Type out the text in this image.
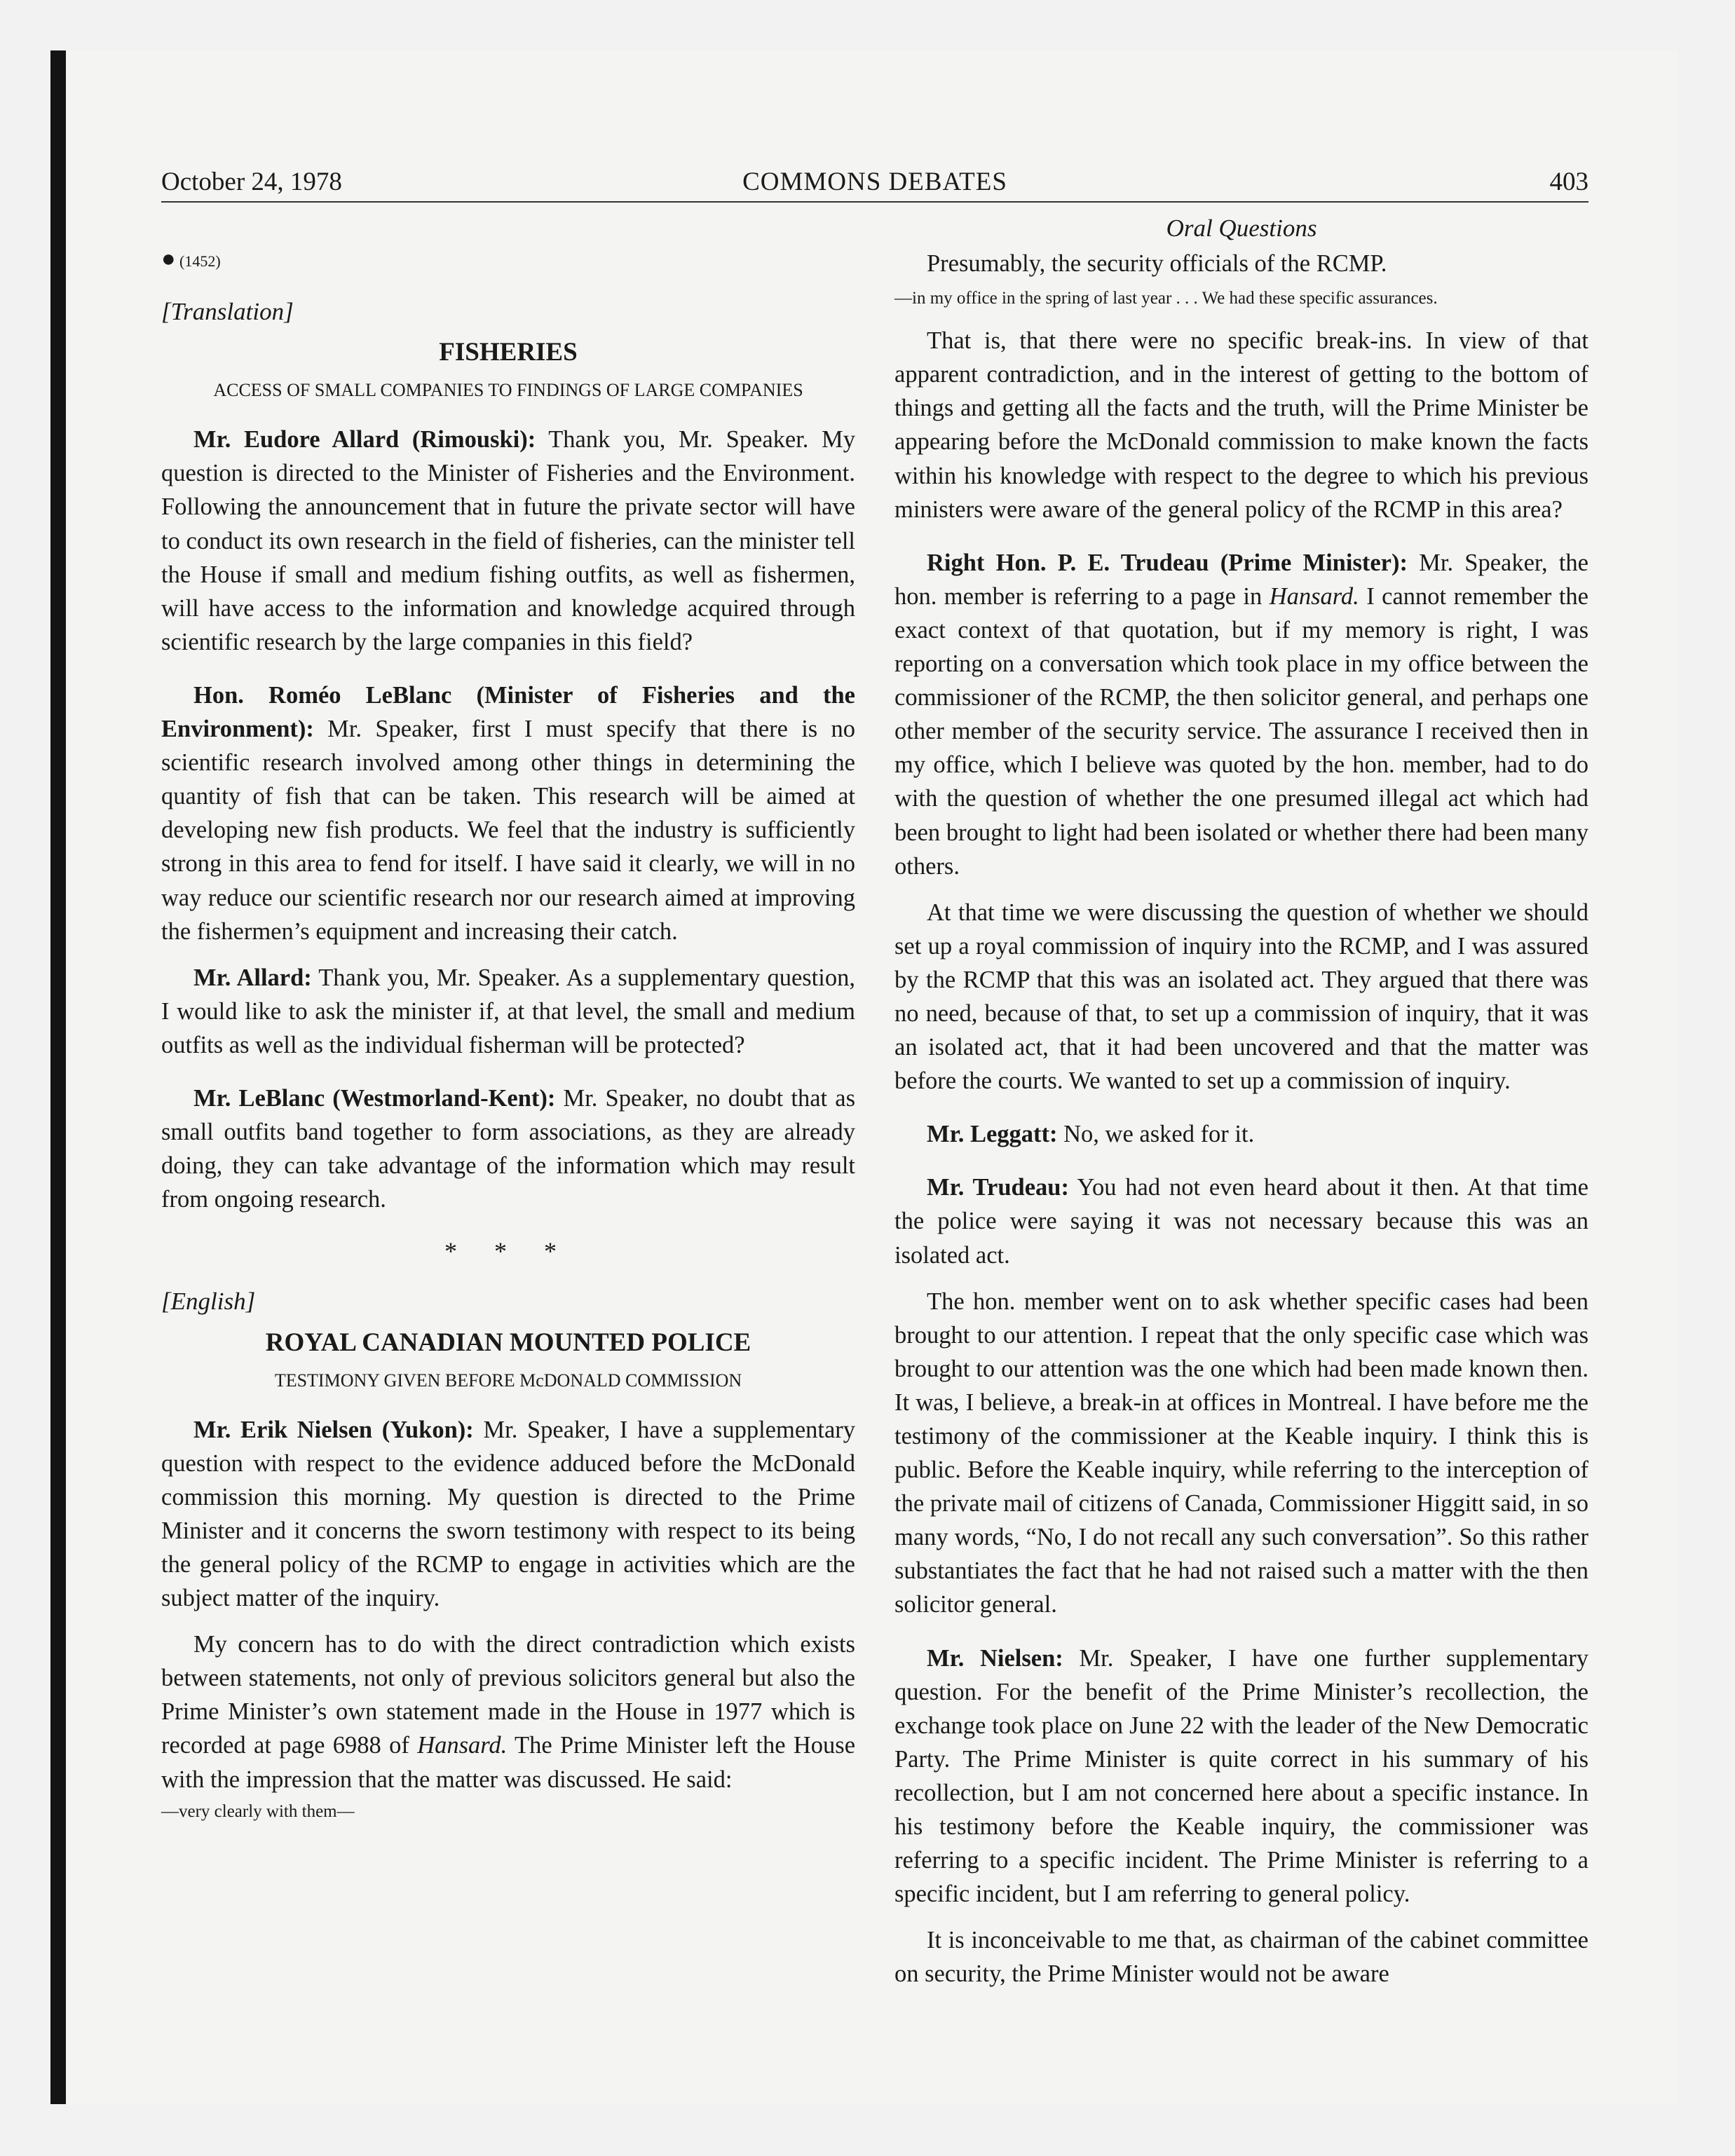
October 24, 1978	COMMONS DEBATES	403
● (1452)
[Translation]
FISHERIES
ACCESS OF SMALL COMPANIES TO FINDINGS OF LARGE COMPANIES

Mr. Eudore Allard (Rimouski): Thank you, Mr. Speaker. My question is directed to the Minister of Fisheries and the Environment. Following the announcement that in future the private sector will have to conduct its own research in the field of fisheries, can the minister tell the House if small and medium fishing outfits, as well as fishermen, will have access to the information and knowledge acquired through scientific research by the large companies in this field?

Hon. Roméo LeBlanc (Minister of Fisheries and the Environment): Mr. Speaker, first I must specify that there is no scientific research involved among other things in determining the quantity of fish that can be taken. This research will be aimed at developing new fish products. We feel that the industry is sufficiently strong in this area to fend for itself. I have said it clearly, we will in no way reduce our scientific research nor our research aimed at improving the fishermen’s equipment and increasing their catch.

Mr. Allard: Thank you, Mr. Speaker. As a supplementary question, I would like to ask the minister if, at that level, the small and medium outfits as well as the individual fisherman will be protected?

Mr. LeBlanc (Westmorland-Kent): Mr. Speaker, no doubt that as small outfits band together to form associations, as they are already doing, they can take advantage of the information which may result from ongoing research.

* * *
[English]
ROYAL CANADIAN MOUNTED POLICE
TESTIMONY GIVEN BEFORE McDONALD COMMISSION

Mr. Erik Nielsen (Yukon): Mr. Speaker, I have a supplementary question with respect to the evidence adduced before the McDonald commission this morning. My question is directed to the Prime Minister and it concerns the sworn testimony with respect to its being the general policy of the RCMP to engage in activities which are the subject matter of the inquiry.

My concern has to do with the direct contradiction which exists between statements, not only of previous solicitors general but also the Prime Minister’s own statement made in the House in 1977 which is recorded at page 6988 of Hansard. The Prime Minister left the House with the impression that the matter was discussed. He said:

—very clearly with them—

Oral Questions

Presumably, the security officials of the RCMP.

—in my office in the spring of last year . . . We had these specific assurances.

That is, that there were no specific break-ins. In view of that apparent contradiction, and in the interest of getting to the bottom of things and getting all the facts and the truth, will the Prime Minister be appearing before the McDonald commission to make known the facts within his knowledge with respect to the degree to which his previous ministers were aware of the general policy of the RCMP in this area?

Right Hon. P. E. Trudeau (Prime Minister): Mr. Speaker, the hon. member is referring to a page in Hansard. I cannot remember the exact context of that quotation, but if my memory is right, I was reporting on a conversation which took place in my office between the commissioner of the RCMP, the then solicitor general, and perhaps one other member of the security service. The assurance I received then in my office, which I believe was quoted by the hon. member, had to do with the question of whether the one presumed illegal act which had been brought to light had been isolated or whether there had been many others.

At that time we were discussing the question of whether we should set up a royal commission of inquiry into the RCMP, and I was assured by the RCMP that this was an isolated act. They argued that there was no need, because of that, to set up a commission of inquiry, that it was an isolated act, that it had been uncovered and that the matter was before the courts. We wanted to set up a commission of inquiry.

Mr. Leggatt: No, we asked for it.

Mr. Trudeau: You had not even heard about it then. At that time the police were saying it was not necessary because this was an isolated act.

The hon. member went on to ask whether specific cases had been brought to our attention. I repeat that the only specific case which was brought to our attention was the one which had been made known then. It was, I believe, a break-in at offices in Montreal. I have before me the testimony of the commissioner at the Keable inquiry. I think this is public. Before the Keable inquiry, while referring to the interception of the private mail of citizens of Canada, Commissioner Higgitt said, in so many words, “No, I do not recall any such conversation”. So this rather substantiates the fact that he had not raised such a matter with the then solicitor general.

Mr. Nielsen: Mr. Speaker, I have one further supplementary question. For the benefit of the Prime Minister’s recollection, the exchange took place on June 22 with the leader of the New Democratic Party. The Prime Minister is quite correct in his summary of his recollection, but I am not concerned here about a specific instance. In his testimony before the Keable inquiry, the commissioner was referring to a specific incident. The Prime Minister is referring to a specific incident, but I am referring to general policy.

It is inconceivable to me that, as chairman of the cabinet committee on security, the Prime Minister would not be aware
